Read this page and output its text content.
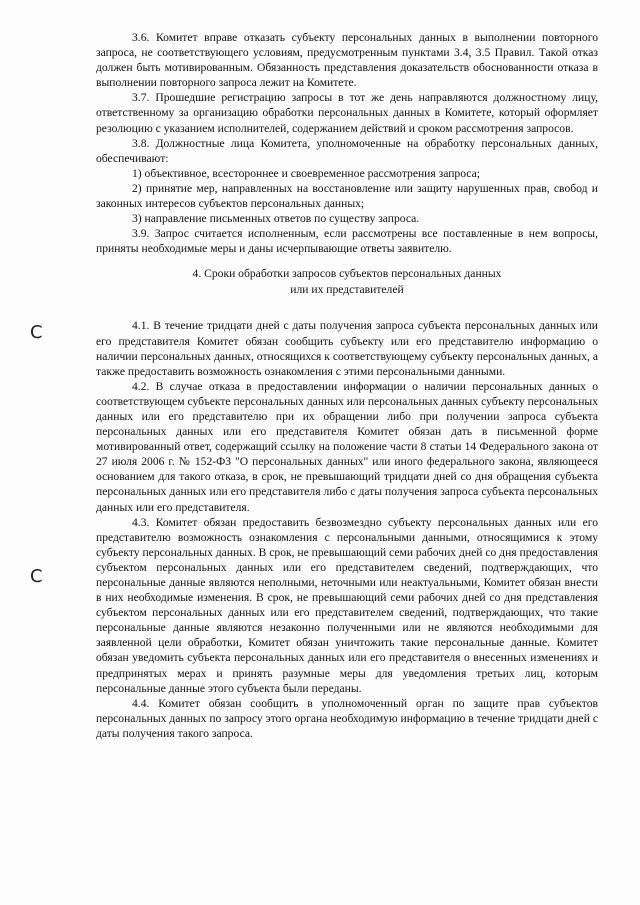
C
C

3.6. Комитет вправе отказать субъекту персональных данных в выполнении повторного запроса, не соответствующего условиям, предусмотренным пунктами 3.4, 3.5 Правил. Такой отказ должен быть мотивированным. Обязанность представления доказательств обоснованности отказа в выполнении повторного запроса лежит на Комитете.

3.7. Прошедшие регистрацию запросы в тот же день направляются должностному лицу, ответственному за организацию обработки персональных данных в Комитете, который оформляет резолюцию с указанием исполнителей, содержанием действий и сроком рассмотрения запросов.

3.8. Должностные лица Комитета, уполномоченные на обработку персональных данных, обеспечивают:

1) объективное, всестороннее и своевременное рассмотрения запроса;

2) принятие мер, направленных на восстановление или защиту нарушенных прав, свобод и законных интересов субъектов персональных данных;

3) направление письменных ответов по существу запроса.

3.9. Запрос считается исполненным, если рассмотрены все поставленные в нем вопросы, приняты необходимые меры и даны исчерпывающие ответы заявителю.

4. Сроки обработки запросов субъектов персональных данных
или их представителей

4.1. В течение тридцати дней с даты получения запроса субъекта персональных данных или его представителя Комитет обязан сообщить субъекту или его представителю информацию о наличии персональных данных, относящихся к соответствующему субъекту персональных данных, а также предоставить возможность ознакомления с этими персональными данными.

4.2. В случае отказа в предоставлении информации о наличии персональных данных о соответствующем субъекте персональных данных или персональных данных субъекту персональных данных или его представителю при их обращении либо при получении запроса субъекта персональных данных или его представителя Комитет обязан дать в письменной форме мотивированный ответ, содержащий ссылку на положение части 8 статьи 14 Федерального закона от 27 июля 2006 г. № 152-ФЗ "О персональных данных" или иного федерального закона, являющееся основанием для такого отказа, в срок, не превышающий тридцати дней со дня обращения субъекта персональных данных или его представителя либо с даты получения запроса субъекта персональных данных или его представителя.

4.3. Комитет обязан предоставить безвозмездно субъекту персональных данных или его представителю возможность ознакомления с персональными данными, относящимися к этому субъекту персональных данных. В срок, не превышающий семи рабочих дней со дня предоставления субъектом персональных данных или его представителем сведений, подтверждающих, что персональные данные являются неполными, неточными или неактуальными, Комитет обязан внести в них необходимые изменения. В срок, не превышающий семи рабочих дней со дня представления субъектом персональных данных или его представителем сведений, подтверждающих, что такие персональные данные являются незаконно полученными или не являются необходимыми для заявленной цели обработки, Комитет обязан уничтожить такие персональные данные. Комитет обязан уведомить субъекта персональных данных или его представителя о внесенных изменениях и предпринятых мерах и принять разумные меры для уведомления третьих лиц, которым персональные данные этого субъекта были переданы.

4.4. Комитет обязан сообщить в уполномоченный орган по защите прав субъектов персональных данных по запросу этого органа необходимую информацию в течение тридцати дней с даты получения такого запроса.
